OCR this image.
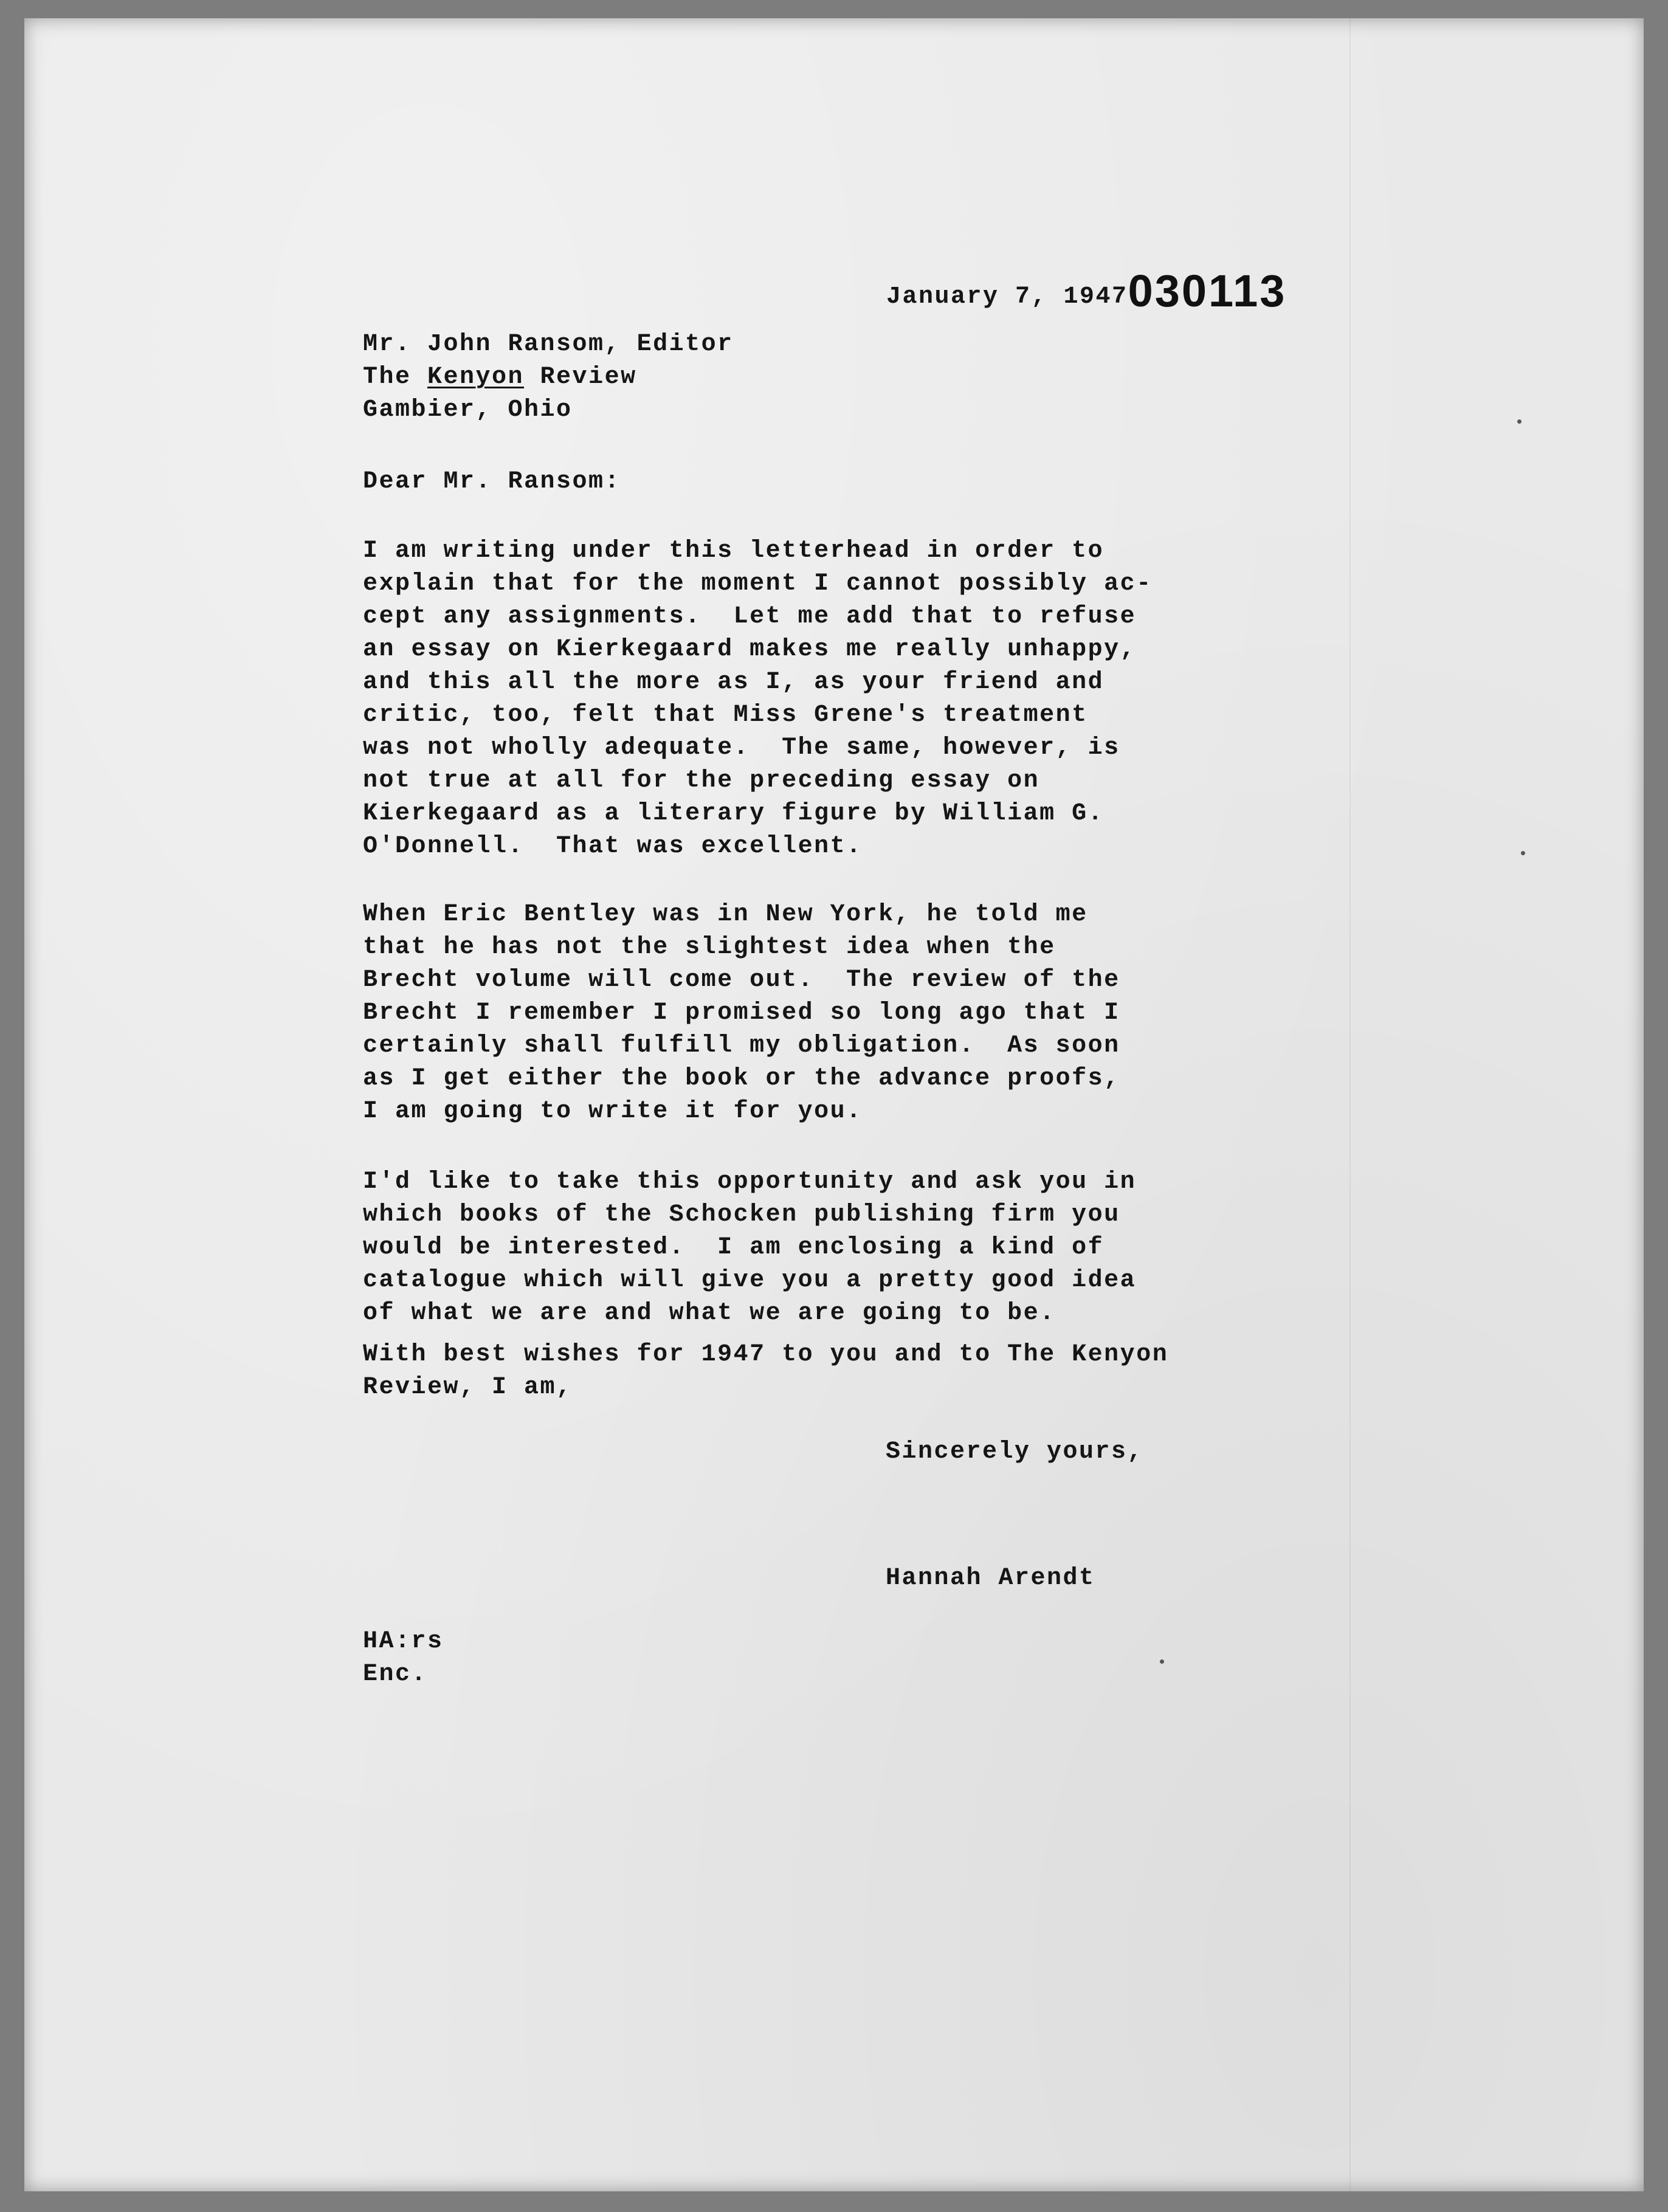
January 7, 1947030113
Mr. John Ransom, Editor
The Kenyon Review
Gambier, Ohio
Dear Mr. Ransom:
I am writing under this letterhead in order to
explain that for the moment I cannot possibly ac-
cept any assignments.  Let me add that to refuse
an essay on Kierkegaard makes me really unhappy,
and this all the more as I, as your friend and
critic, too, felt that Miss Grene's treatment
was not wholly adequate.  The same, however, is
not true at all for the preceding essay on
Kierkegaard as a literary figure by William G.
O'Donnell.  That was excellent.
When Eric Bentley was in New York, he told me
that he has not the slightest idea when the
Brecht volume will come out.  The review of the
Brecht I remember I promised so long ago that I
certainly shall fulfill my obligation.  As soon
as I get either the book or the advance proofs,
I am going to write it for you.
I'd like to take this opportunity and ask you in
which books of the Schocken publishing firm you
would be interested.  I am enclosing a kind of
catalogue which will give you a pretty good idea
of what we are and what we are going to be.
With best wishes for 1947 to you and to The Kenyon
Review, I am,
Sincerely yours,
Hannah Arendt
HA:rs
Enc.
